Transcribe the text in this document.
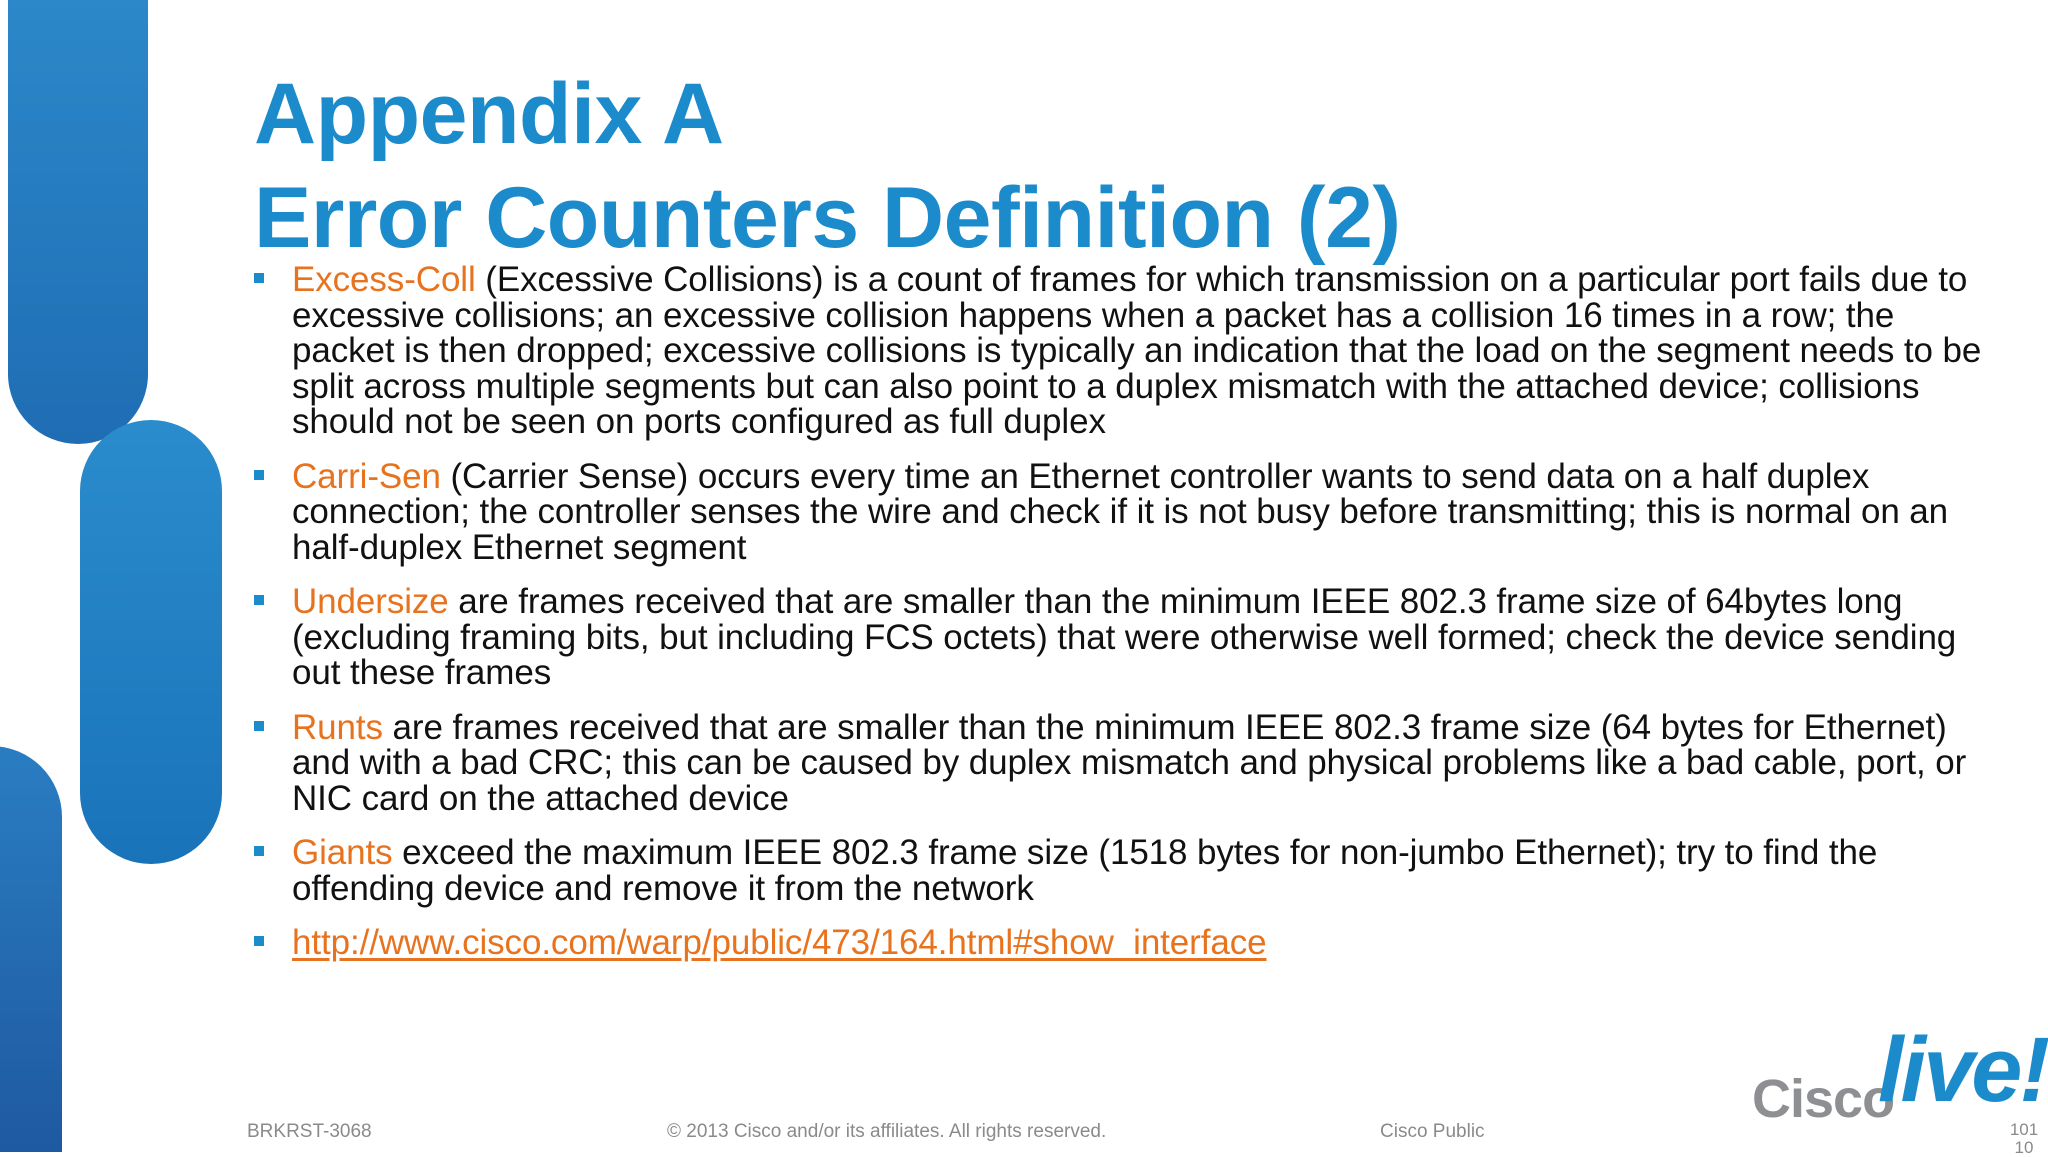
Appendix A
Error Counters Definition (2)
Excess-Coll (Excessive Collisions) is a count of frames for which transmission on a particular port fails due to excessive collisions; an excessive collision happens when a packet has a collision 16 times in a row; the packet is then dropped; excessive collisions is typically an indication that the load on the segment needs to be split across multiple segments but can also point to a duplex mismatch with the attached device; collisions should not be seen on ports configured as full duplex
Carri-Sen (Carrier Sense) occurs every time an Ethernet controller wants to send data on a half duplex connection; the controller senses the wire and check if it is not busy before transmitting; this is normal on an half-duplex Ethernet segment
Undersize are frames received that are smaller than the minimum IEEE 802.3 frame size of 64bytes long (excluding framing bits, but including FCS octets) that were otherwise well formed; check the device sending out these frames
Runts are frames received that are smaller than the minimum IEEE 802.3 frame size (64 bytes for Ethernet) and with a bad CRC; this can be caused by duplex mismatch and physical problems like a bad cable, port, or NIC card on the attached device
Giants exceed the maximum IEEE 802.3 frame size (1518 bytes for non-jumbo Ethernet); try to find the offending device and remove it from the network
http://www.cisco.com/warp/public/473/164.html#show_interface
BRKRST-3068	© 2013 Cisco and/or its affiliates. All rights reserved.	Cisco Public
Cisco
live!
101
10
